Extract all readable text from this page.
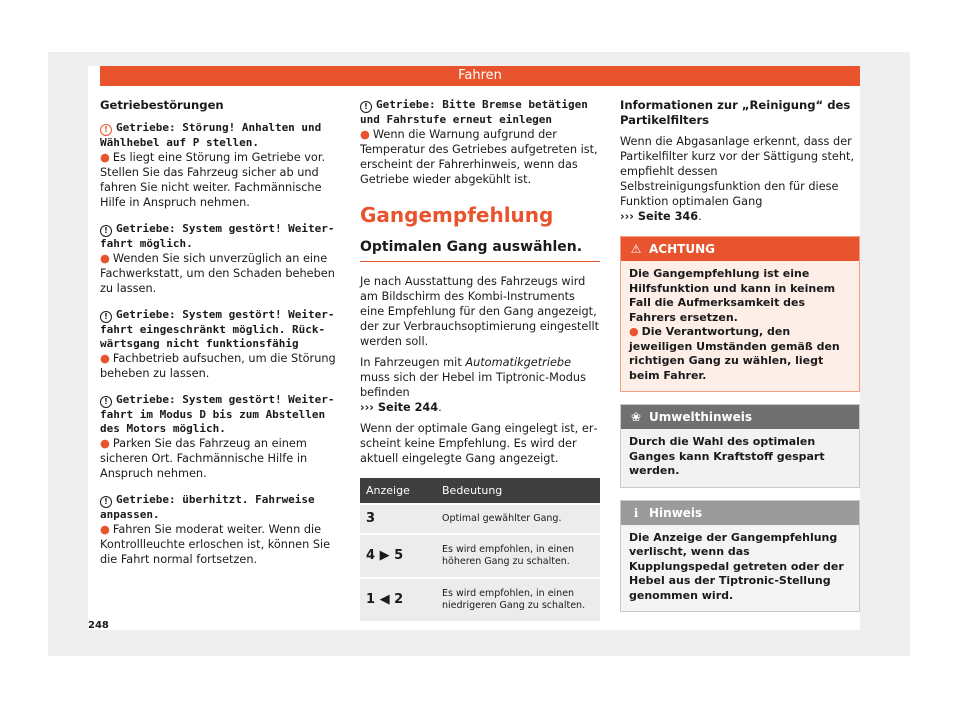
Fahren
Getriebestörungen
! Getriebe: Störung! Anhalten und Wählhebel auf P stellen.

● Es liegt eine Störung im Getriebe vor. Stellen Sie das Fahrzeug sicher ab und fahren Sie nicht weiter. Fachmännische Hilfe in Anspruch nehmen.

! Getriebe: System gestört! Weiterfahrt möglich.

● Wenden Sie sich unverzüglich an eine Fachwerkstatt, um den Schaden beheben zu lassen.

! Getriebe: System gestört! Weiterfahrt eingeschränkt möglich. Rückwärtsgang nicht funktionsfähig

● Fachbetrieb aufsuchen, um die Störung beheben zu lassen.

! Getriebe: System gestört! Weiterfahrt im Modus D bis zum Abstellen des Motors möglich.

● Parken Sie das Fahrzeug an einem sicheren Ort. Fachmännische Hilfe in Anspruch nehmen.

! Getriebe: überhitzt. Fahrweise anpassen.

● Fahren Sie moderat weiter. Wenn die Kontrollleuchte erloschen ist, können Sie die Fahrt normal fortsetzen.

! Getriebe: Bitte Bremse betätigen und Fahrstufe erneut einlegen

● Wenn die Warnung aufgrund der Temperatur des Getriebes aufgetreten ist, erscheint der Fahrerhinweis, wenn das Getriebe wieder abgekühlt ist.

Gangempfehlung
Optimalen Gang auswählen.

Je nach Ausstattung des Fahrzeugs wird am Bildschirm des Kombi-Instruments eine Empfehlung für den Gang angezeigt, der zur Verbrauchsoptimierung eingestellt werden soll.

In Fahrzeugen mit Automatikgetriebe muss sich der Hebel im Tiptronic-Modus befinden
››› Seite 244.

Wenn der optimale Gang eingelegt ist, erscheint keine Empfehlung. Es wird der aktuell eingelegte Gang angezeigt.

Anzeige	Bedeutung
3	Optimal gewählter Gang.
4 ▶ 5	Es wird empfohlen, in einen höheren Gang zu schalten.
1 ◀ 2	Es wird empfohlen, in einen niedrigeren Gang zu schalten.
Informationen zur „Reinigung“ des Partikelfilters

Wenn die Abgasanlage erkennt, dass der Partikelfilter kurz vor der Sättigung steht, empfiehlt dessen Selbstreinigungsfunktion den für diese Funktion optimalen Gang
››› Seite 346.

⚠ ACHTUNG

Die Gangempfehlung ist eine Hilfsfunktion und kann in keinem Fall die Aufmerksamkeit des Fahrers ersetzen.

● Die Verantwortung, den jeweiligen Umständen gemäß den richtigen Gang zu wählen, liegt beim Fahrer.

❀ Umwelthinweis
Durch die Wahl des optimalen Ganges kann Kraftstoff gespart werden.
ℹ Hinweis
Die Anzeige der Gangempfehlung verlischt, wenn das Kupplungspedal getreten oder der Hebel aus der Tiptronic-Stellung genommen wird.
248
